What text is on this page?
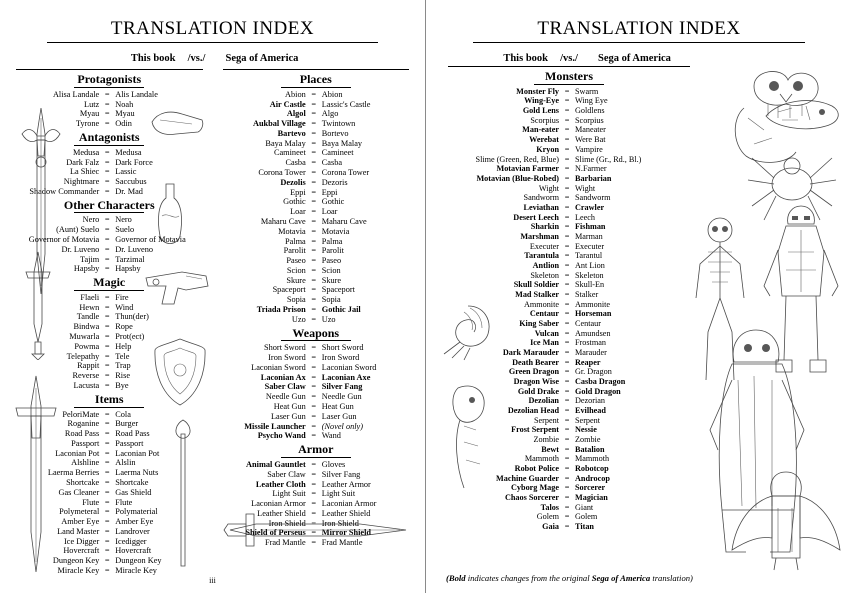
TRANSLATION INDEX
This book	/vs./	Sega of America
Protagonists
Alisa Landale	=	Alis Landale
Lutz	=	Noah
Myau	=	Myau
Tyrone	=	Odin
Antagonists
Medusa	=	Medusa
Dark Falz	=	Dark Force
La Shiec	=	Lassic
Nightmare	=	Saccubus
Shadow Commander	=	Dr. Mad
Other Characters
Nero	=	Nero
(Aunt) Suelo	=	Suelo
Governor of Motavia	=	Governor of Motavia
Dr. Luveno	=	Dr. Luveno
Tajim	=	Tarzimal
Hapsby	=	Hapsby
Magic
Flaeli	=	Fire
Hewn	=	Wind
Tandle	=	Thun(der)
Bindwa	=	Rope
Muwarla	=	Prot(ect)
Powma	=	Help
Telepathy	=	Tele
Rappit	=	Trap
Reverse	=	Rise
Lacusta	=	Bye
Items
PeloriMate	=	Cola
Roganine	=	Burger
Road Pass	=	Road Pass
Passport	=	Passport
Laconian Pot	=	Laconian Pot
Alshline	=	Alslin
Laerma Berries	=	Laerma Nuts
Shortcake	=	Shortcake
Gas Cleaner	=	Gas Shield
Flute	=	Flute
Polymeteral	=	Polymaterial
Amber Eye	=	Amber Eye
Land Master	=	Landrover
Ice Digger	=	Icedigger
Hovercraft	=	Hovercraft
Dungeon Key	=	Dungeon Key
Miracle Key	=	Miracle Key
Places
Abion	=	Abion
Air Castle	=	Lassic's Castle
Algol	=	Algo
Aukbal Village	=	Twintown
Bartevo	=	Bortevo
Baya Malay	=	Baya Malay
Camineet	=	Camineet
Casba	=	Casba
Corona Tower	=	Corona Tower
Dezolis	=	Dezoris
Eppi	=	Eppi
Gothic	=	Gothic
Loar	=	Loar
Maharu Cave	=	Maharu Cave
Motavia	=	Motavia
Palma	=	Palma
Parolit	=	Parolit
Paseo	=	Paseo
Scion	=	Scion
Skure	=	Skure
Spaceport	=	Spaceport
Sopia	=	Sopia
Triada Prison	=	Gothic Jail
Uzo	=	Uzo
Weapons
Short Sword	=	Short Sword
Iron Sword	=	Iron Sword
Laconian Sword	=	Laconian Sword
Laconian Ax	=	Laconian Axe
Saber Claw	=	Silver Fang
Needle Gun	=	Needle Gun
Heat Gun	=	Heat Gun
Laser Gun	=	Laser Gun
Missile Launcher	=	(Novel only)
Psycho Wand	=	Wand
Armor
Animal Gauntlet	=	Gloves
Saber Claw	=	Silver Fang
Leather Cloth	=	Leather Armor
Light Suit	=	Light Suit
Laconian Armor	=	Laconian Armor
Leather Shield	=	Leather Shield
Iron Shield	=	Iron Shield
Shield of Perseus	=	Mirror Shield
Frad Mantle	=	Frad Mantle
iii
TRANSLATION INDEX
This book	/vs./	Sega of America
Monsters
Monster Fly	=	Swarm
Wing-Eye	=	Wing Eye
Gold Lens	=	Goldlens
Scorpius	=	Scorpius
Man-eater	=	Maneater
Werebat	=	Were Bat
Kryon	=	Vampire
Slime (Green, Red, Blue)	=	Slime (Gr., Rd., Bl.)
Motavian Farmer	=	N.Farmer
Motavian (Blue-Robed)	=	Barbarian
Wight	=	Wight
Sandworm	=	Sandworm
Leviathan	=	Crawler
Desert Leech	=	Leech
Sharkin	=	Fishman
Marshman	=	Marman
Executer	=	Executer
Tarantula	=	Tarantul
Antlion	=	Ant Lion
Skeleton	=	Skeleton
Skull Soldier	=	Skull-En
Mad Stalker	=	Stalker
Ammonite	=	Ammonite
Centaur	=	Horseman
King Saber	=	Centaur
Vulcan	=	Amundsen
Ice Man	=	Frostman
Dark Marauder	=	Marauder
Death Bearer	=	Reaper
Green Dragon	=	Gr. Dragon
Dragon Wise	=	Casba Dragon
Gold Drake	=	Gold Dragon
Dezolian	=	Dezorian
Dezolian Head	=	Evilhead
Serpent	=	Serpent
Frost Serpent	=	Nessie
Zombie	=	Zombie
Bewt	=	Batalion
Mammoth	=	Mammoth
Robot Police	=	Robotcop
Machine Guarder	=	Androcop
Cyborg Mage	=	Sorcerer
Chaos Sorcerer	=	Magician
Talos	=	Giant
Golem	=	Golem
Gaia	=	Titan
(Bold indicates changes from the original Sega of America translation)
